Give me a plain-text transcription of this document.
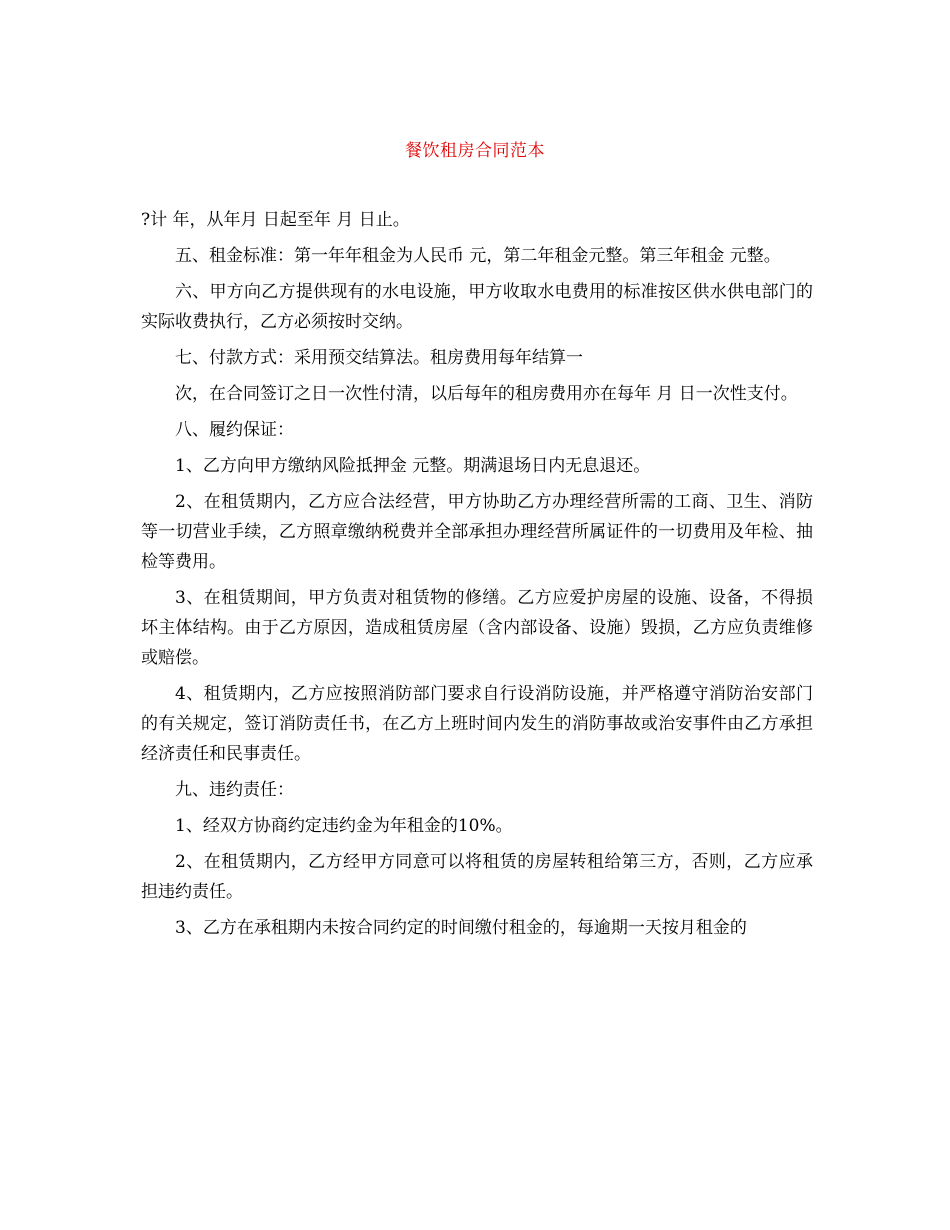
餐饮租房合同范本

?计 年，从年月 日起至年 月 日止。

五、租金标准：第一年年租金为人民币 元，第二年租金元整。第三年租金 元整。

六、甲方向乙方提供现有的水电设施，甲方收取水电费用的标准按区供水供电部门的实际收费执行，乙方必须按时交纳。

七、付款方式：采用预交结算法。租房费用每年结算一

次，在合同签订之日一次性付清，以后每年的租房费用亦在每年 月 日一次性支付。

八、履约保证：

1、乙方向甲方缴纳风险抵押金 元整。期满退场日内无息退还。

2、在租赁期内，乙方应合法经营，甲方协助乙方办理经营所需的工商、卫生、消防等一切营业手续，乙方照章缴纳税费并全部承担办理经营所属证件的一切费用及年检、抽检等费用。

3、在租赁期间，甲方负责对租赁物的修缮。乙方应爱护房屋的设施、设备，不得损坏主体结构。由于乙方原因，造成租赁房屋（含内部设备、设施）毁损，乙方应负责维修或赔偿。

4、租赁期内，乙方应按照消防部门要求自行设消防设施，并严格遵守消防治安部门的有关规定，签订消防责任书，在乙方上班时间内发生的消防事故或治安事件由乙方承担经济责任和民事责任。

九、违约责任：

1、经双方协商约定违约金为年租金的10%。

2、在租赁期内，乙方经甲方同意可以将租赁的房屋转租给第三方，否则，乙方应承担违约责任。

3、乙方在承租期内未按合同约定的时间缴付租金的，每逾期一天按月租金的
